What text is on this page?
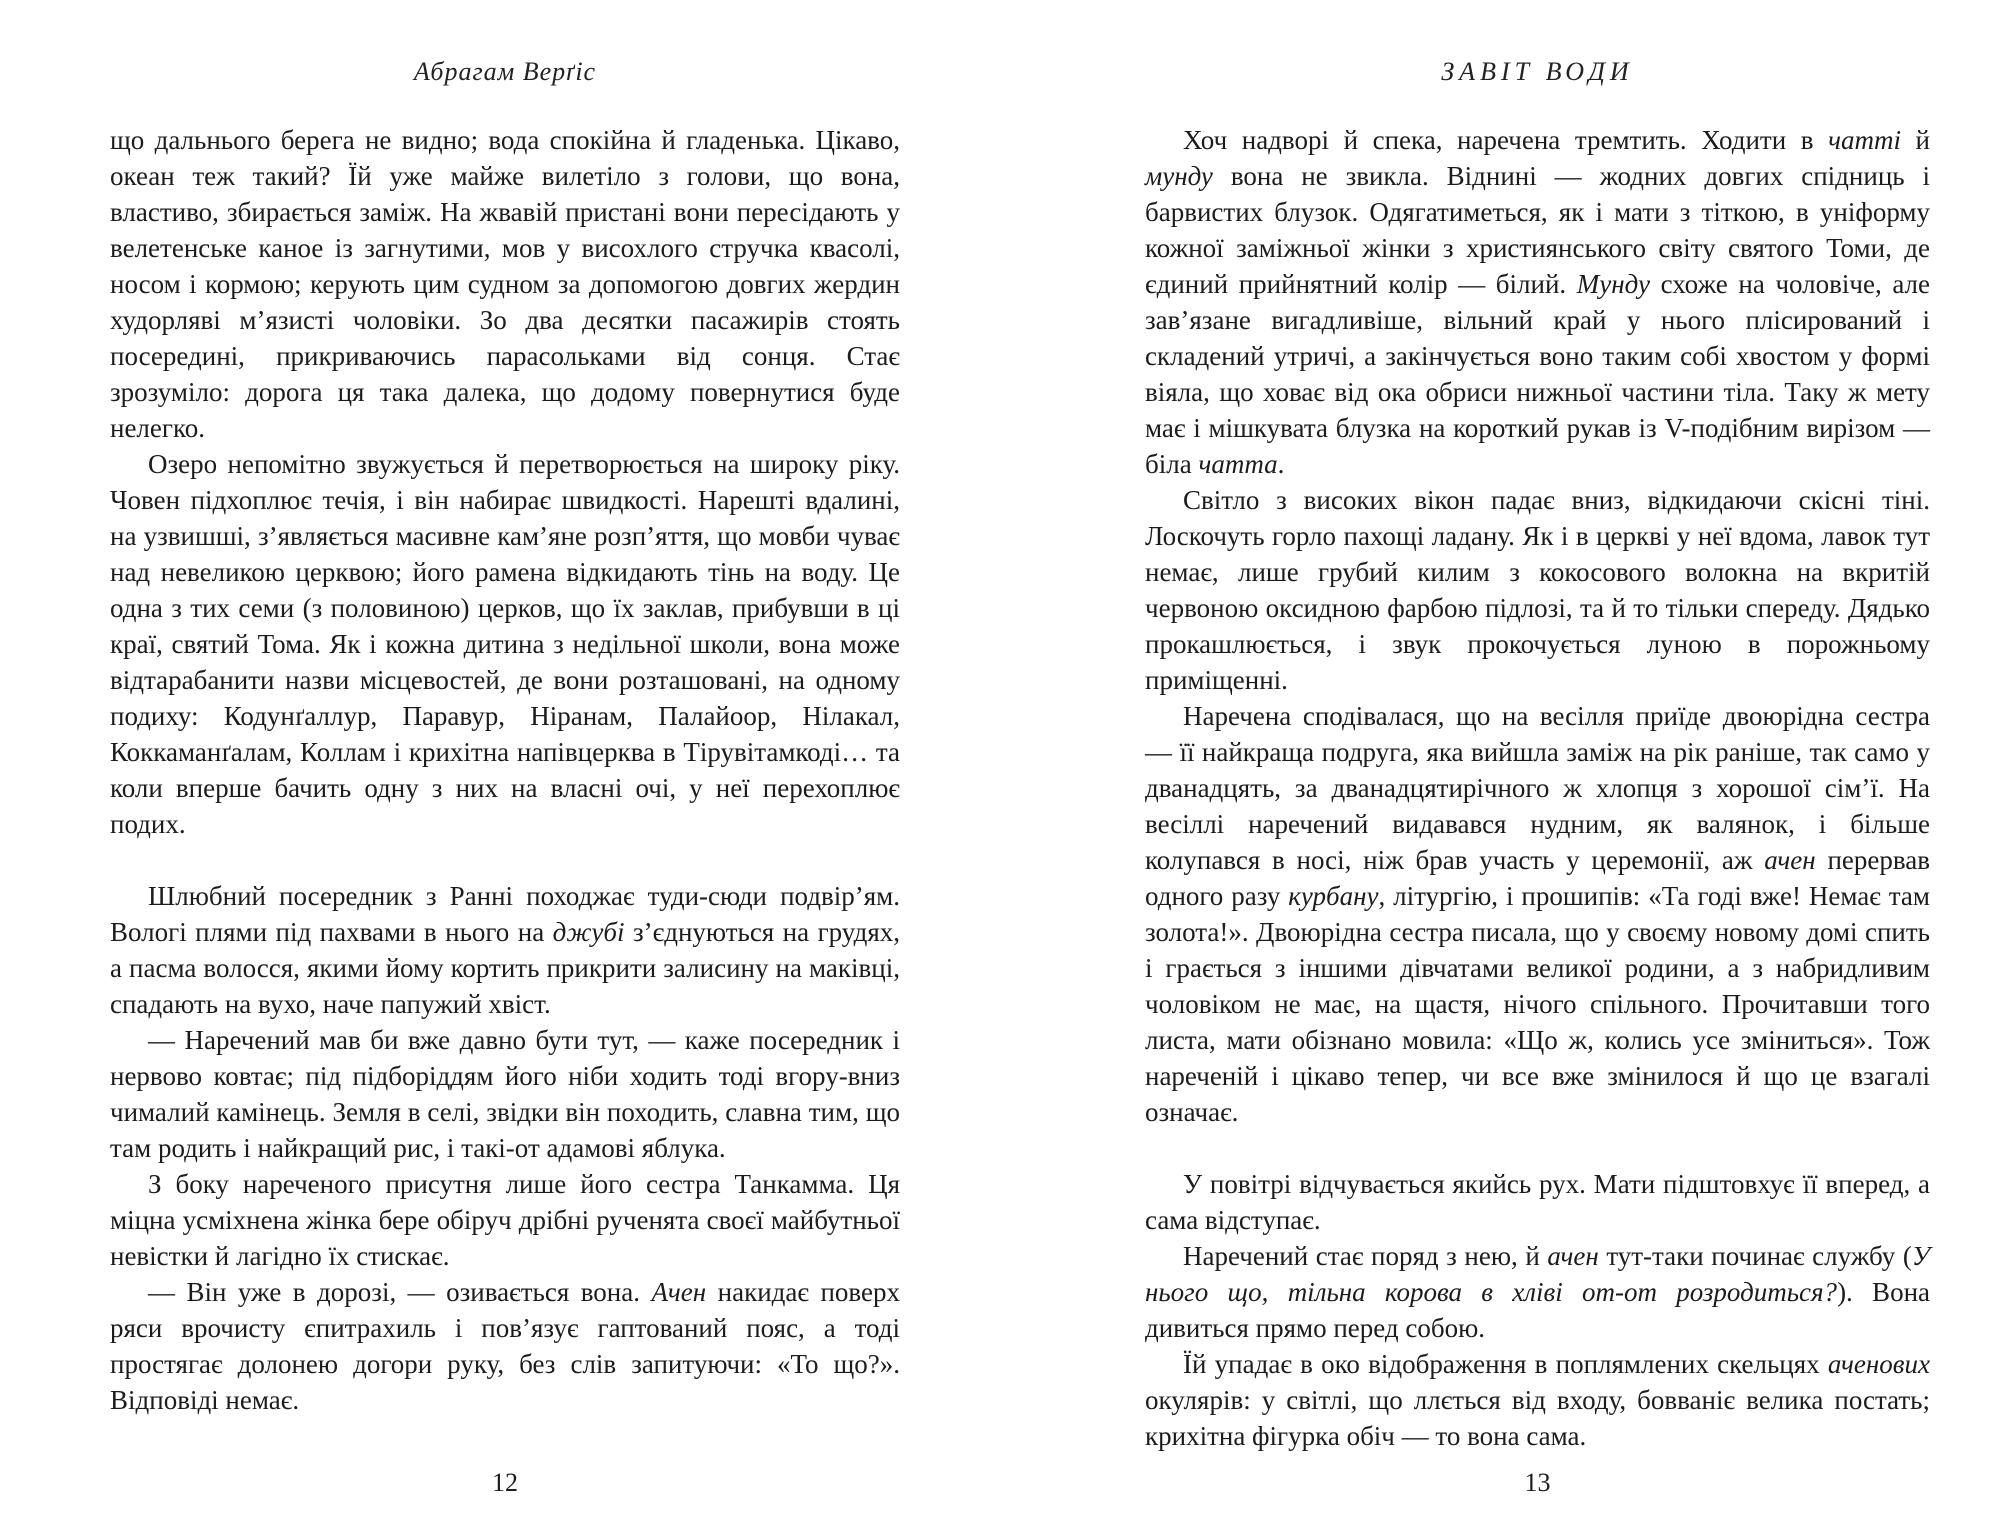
Абрагам Верґіс

що дальнього берега не видно; вода спокійна й гладенька. Цікаво, океан теж такий? Їй уже майже вилетіло з голови, що вона, властиво, збирається заміж. На жвавій пристані вони пересідають у велетенське каное із загнутими, мов у висохлого стручка квасолі, носом і кормою; керують цим судном за допомогою довгих жердин худорляві м’язисті чоловіки. Зо два десятки пасажирів стоять посередині, прикриваючись парасольками від сонця. Стає зрозуміло: дорога ця така далека, що додому повернутися буде нелегко.

Озеро непомітно звужується й перетворюється на широку ріку. Човен підхоплює течія, і він набирає швидкості. Нарешті вдалині, на узвишші, з’являється масивне кам’яне розп’яття, що мовби чуває над невеликою церквою; його рамена відкидають тінь на воду. Це одна з тих семи (з половиною) церков, що їх заклав, прибувши в ці краї, святий Тома. Як і кожна дитина з недільної школи, вона може відтарабанити назви місцевостей, де вони розташовані, на одному подиху: Кодунґаллур, Паравур, Ніранам, Палайоор, Нілакал, Коккаманґалам, Коллам і крихітна напівцерква в Тірувітамкоді… та коли вперше бачить одну з них на власні очі, у неї перехоплює подих.

Шлюбний посередник з Ранні походжає туди-сюди подвір’ям. Вологі плями під пахвами в нього на джубі з’єднуються на грудях, а пасма волосся, якими йому кортить прикрити залисину на маківці, спадають на вухо, наче папужий хвіст.

— Наречений мав би вже давно бути тут, — каже посередник і нервово ковтає; під підборіддям його ніби ходить тоді вгору-вниз чималий камінець. Земля в селі, звідки він походить, славна тим, що там родить і найкращий рис, і такі-от адамові яблука.

З боку нареченого присутня лише його сестра Танкамма. Ця міцна усміхнена жінка бере обіруч дрібні рученята своєї майбутньої невістки й лагідно їх стискає.

— Він уже в дорозі, — озивається вона. Ачен накидає поверх ряси врочисту єпитрахиль і пов’язує гаптований пояс, а тоді простягає долонею догори руку, без слів запитуючи: «То що?». Відповіді немає.

12
ЗАВІТ ВОДИ

Хоч надворі й спека, наречена тремтить. Ходити в чатті й мунду вона не звикла. Віднині — жодних довгих спідниць і барвистих блузок. Одягатиметься, як і мати з тіткою, в уніформу кожної заміжньої жінки з християнського світу святого Томи, де єдиний прийнятний колір — білий. Мунду схоже на чоловіче, але зав’язане вигадливіше, вільний край у нього плісирований і складений утричі, а закінчується воно таким собі хвостом у формі віяла, що ховає від ока обриси нижньої частини тіла. Таку ж мету має і мішкувата блузка на короткий рукав із V-подібним вирізом — біла чатта.

Світло з високих вікон падає вниз, відкидаючи скісні тіні. Лоскочуть горло пахощі ладану. Як і в церкві у неї вдома, лавок тут немає, лише грубий килим з кокосового волокна на вкритій червоною оксидною фарбою підлозі, та й то тільки спереду. Дядько прокашлюється, і звук прокочується луною в порожньому приміщенні.

Наречена сподівалася, що на весілля приїде двоюрідна сестра — її найкраща подруга, яка вийшла заміж на рік раніше, так само у дванадцять, за дванадцятирічного ж хлопця з хорошої сім’ї. На весіллі наречений видавався нудним, як валянок, і більше колупався в носі, ніж брав участь у церемонії, аж ачен перервав одного разу курбану, літургію, і прошипів: «Та годі вже! Немає там золота!». Двоюрідна сестра писала, що у своєму новому домі спить і грається з іншими дівчатами великої родини, а з набридливим чоловіком не має, на щастя, нічого спільного. Прочитавши того листа, мати обізнано мовила: «Що ж, колись усе зміниться». Тож нареченій і цікаво тепер, чи все вже змінилося й що це взагалі означає.

У повітрі відчувається якийсь рух. Мати підштовхує її вперед, а сама відступає.

Наречений стає поряд з нею, й ачен тут-таки починає службу (У нього що, тільна корова в хліві от-от розродиться?). Вона дивиться прямо перед собою.

Їй упадає в око відображення в поплямлених скельцях аченових окулярів: у світлі, що ллється від входу, бовваніє велика постать; крихітна фігурка обіч — то вона сама.

13
